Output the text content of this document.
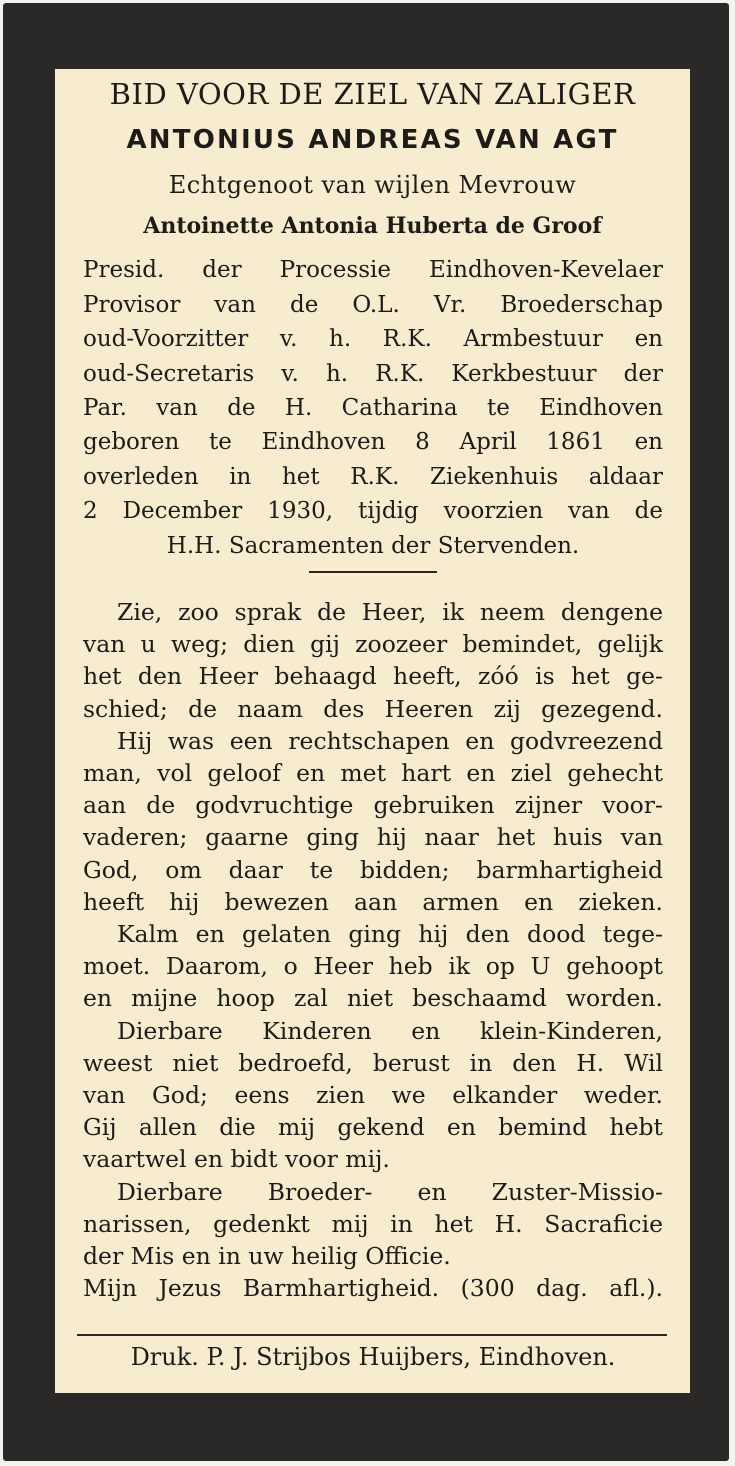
BID VOOR DE ZIEL VAN ZALIGER
ANTONIUS ANDREAS VAN AGT
Echtgenoot van wijlen Mevrouw
Antoinette Antonia Huberta de Groof
Presid. der Processie Eindhoven-Kevelaer
Provisor van de O.L. Vr. Broederschap
oud-Voorzitter v. h. R.K. Armbestuur en
oud-Secretaris v. h. R.K. Kerkbestuur der
Par. van de H. Catharina te Eindhoven
geboren te Eindhoven 8 April 1861 en
overleden in het R.K. Ziekenhuis aldaar
2 December 1930, tijdig voorzien van de
H.H. Sacramenten der Stervenden.
Zie, zoo sprak de Heer, ik neem dengene
van u weg; dien gij zoozeer bemindet, gelijk
het den Heer behaagd heeft, zóó is het ge-
schied; de naam des Heeren zij gezegend.
Hij was een rechtschapen en godvreezend
man, vol geloof en met hart en ziel gehecht
aan de godvruchtige gebruiken zijner voor-
vaderen; gaarne ging hij naar het huis van
God, om daar te bidden; barmhartigheid
heeft hij bewezen aan armen en zieken.
Kalm en gelaten ging hij den dood tege-
moet. Daarom, o Heer heb ik op U gehoopt
en mijne hoop zal niet beschaamd worden.
Dierbare Kinderen en klein-Kinderen,
weest niet bedroefd, berust in den H. Wil
van God; eens zien we elkander weder.
Gij allen die mij gekend en bemind hebt
vaartwel en bidt voor mij.
Dierbare Broeder- en Zuster-Missio-
narissen, gedenkt mij in het H. Sacraficie
der Mis en in uw heilig Officie.
Mijn Jezus Barmhartigheid. (300 dag. afl.).
Druk. P. J. Strijbos Huijbers, Eindhoven.
